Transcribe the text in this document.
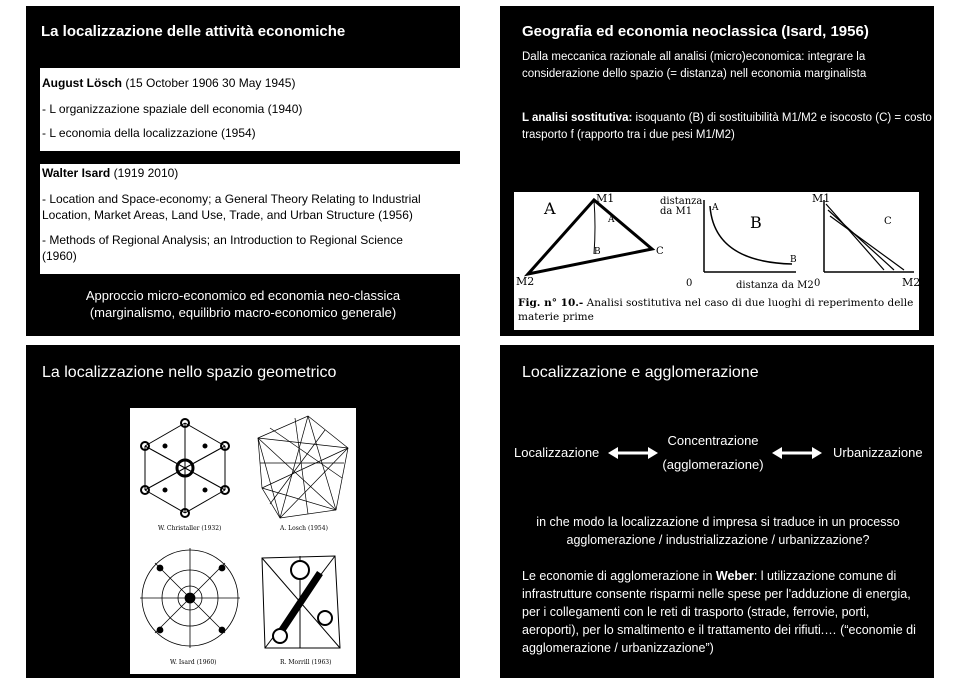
La localizzazione delle attività economiche
August Lösch (15 October 1906 30 May 1945)
- L organizzazione spaziale dell economia (1940)
- L economia della localizzazione (1954)
Walter Isard (1919 2010)
- Location and Space-economy; a General Theory Relating to Industrial Location, Market Areas, Land Use, Trade, and Urban Structure (1956)
- Methods of Regional Analysis; an Introduction to Regional Science (1960)
Approccio micro-economico ed economia neo-classica
(marginalismo, equilibrio macro-economico generale)
Geografia ed economia neoclassica (Isard, 1956)
Dalla meccanica razionale all analisi (micro)economica: integrare la considerazione dello spazio (= distanza) nell economia marginalista
L analisi sostitutiva: isoquanto (B) di sostituibilità M1/M2 e isocosto (C) = costo trasporto f (rapporto tra i due pesi M1/M2)
A
M1
M2
C
A
B
distanza
da M1 A
B
B
0	distanza da M2
M1
C
0	M2
Fig. n° 10.- Analisi sostitutiva nel caso di due luoghi di reperimento delle materie prime
La localizzazione nello spazio geometrico
W. Christaller (1932)	A. Losch (1954)
W. Isard (1960)	R. Morrill (1963)
Localizzazione e agglomerazione
Localizzazione
Concentrazione
(agglomerazione)
Urbanizzazione
in che modo la localizzazione d impresa si traduce in un processo agglomerazione / industrializzazione / urbanizzazione?
Le economie di agglomerazione in Weber: l utilizzazione comune di infrastrutture consente risparmi nelle spese per l'adduzione di energia, per i collegamenti con le reti di trasporto (strade, ferrovie, porti, aeroporti), per lo smaltimento e il trattamento dei rifiuti.… (“economie di agglomerazione / urbanizzazione”)
